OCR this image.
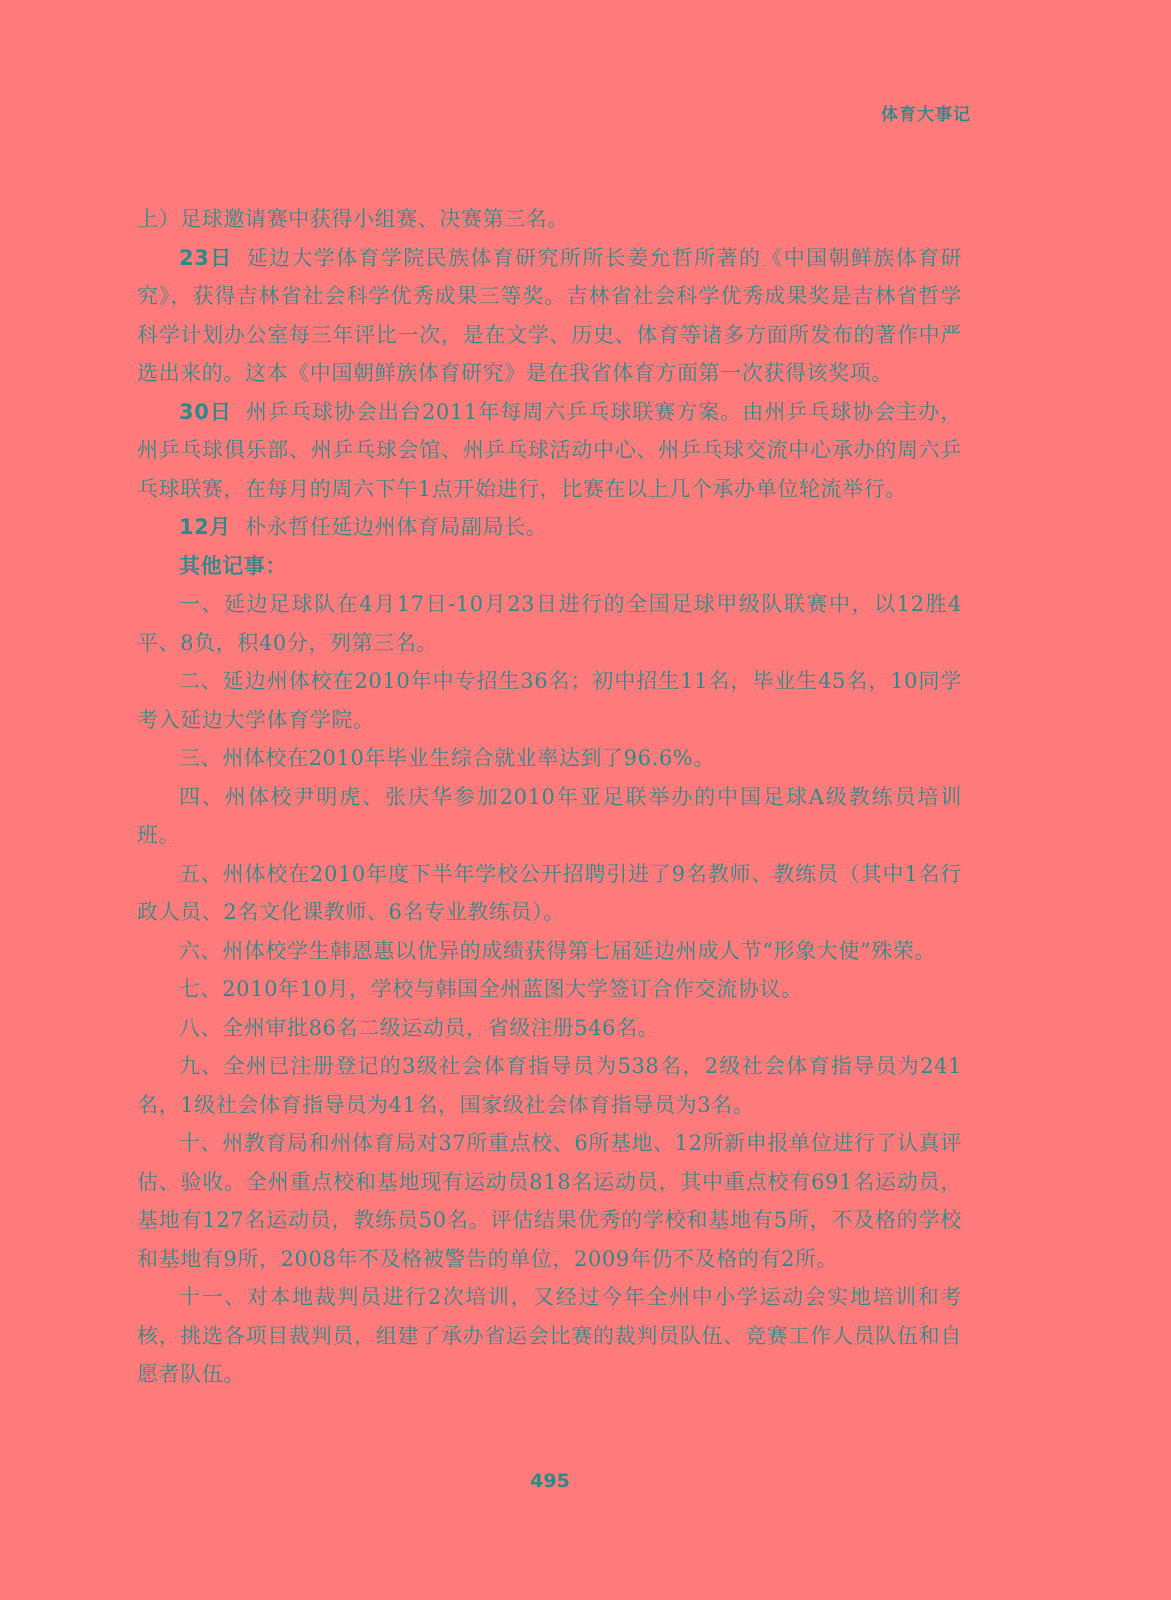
体育大事记

上）足球邀请赛中获得小组赛、决赛第三名。

23日 延边大学体育学院民族体育研究所所长姜允哲所著的《中国朝鲜族体育研究》，获得吉林省社会科学优秀成果三等奖。吉林省社会科学优秀成果奖是吉林省哲学科学计划办公室每三年评比一次，是在文学、历史、体育等诸多方面所发布的著作中严选出来的。这本《中国朝鲜族体育研究》是在我省体育方面第一次获得该奖项。

30日 州乒乓球协会出台2011年每周六乒乓球联赛方案。由州乒乓球协会主办，州乒乓球俱乐部、州乒乓球会馆、州乒乓球活动中心、州乒乓球交流中心承办的周六乒乓球联赛，在每月的周六下午1点开始进行，比赛在以上几个承办单位轮流举行。

12月 朴永哲任延边州体育局副局长。

其他记事：

一、延边足球队在4月17日-10月23日进行的全国足球甲级队联赛中，以12胜4平、8负，积40分，列第三名。

二、延边州体校在2010年中专招生36名；初中招生11名，毕业生45名，10同学考入延边大学体育学院。

三、州体校在2010年毕业生综合就业率达到了96.6%。

四、州体校尹明虎、张庆华参加2010年亚足联举办的中国足球A级教练员培训班。

五、州体校在2010年度下半年学校公开招聘引进了9名教师、教练员（其中1名行政人员、2名文化课教师、6名专业教练员）。

六、州体校学生韩恩惠以优异的成绩获得第七届延边州成人节“形象大使”殊荣。

七、2010年10月，学校与韩国全州蓝图大学签订合作交流协议。

八、全州审批86名二级运动员，省级注册546名。

九、全州已注册登记的3级社会体育指导员为538名，2级社会体育指导员为241名，1级社会体育指导员为41名，国家级社会体育指导员为3名。

十、州教育局和州体育局对37所重点校、6所基地、12所新申报单位进行了认真评估、验收。全州重点校和基地现有运动员818名运动员，其中重点校有691名运动员，基地有127名运动员，教练员50名。评估结果优秀的学校和基地有5所，不及格的学校和基地有9所，2008年不及格被警告的单位，2009年仍不及格的有2所。

十一、对本地裁判员进行2次培训，又经过今年全州中小学运动会实地培训和考核，挑选各项目裁判员，组建了承办省运会比赛的裁判员队伍、竞赛工作人员队伍和自愿者队伍。

495
